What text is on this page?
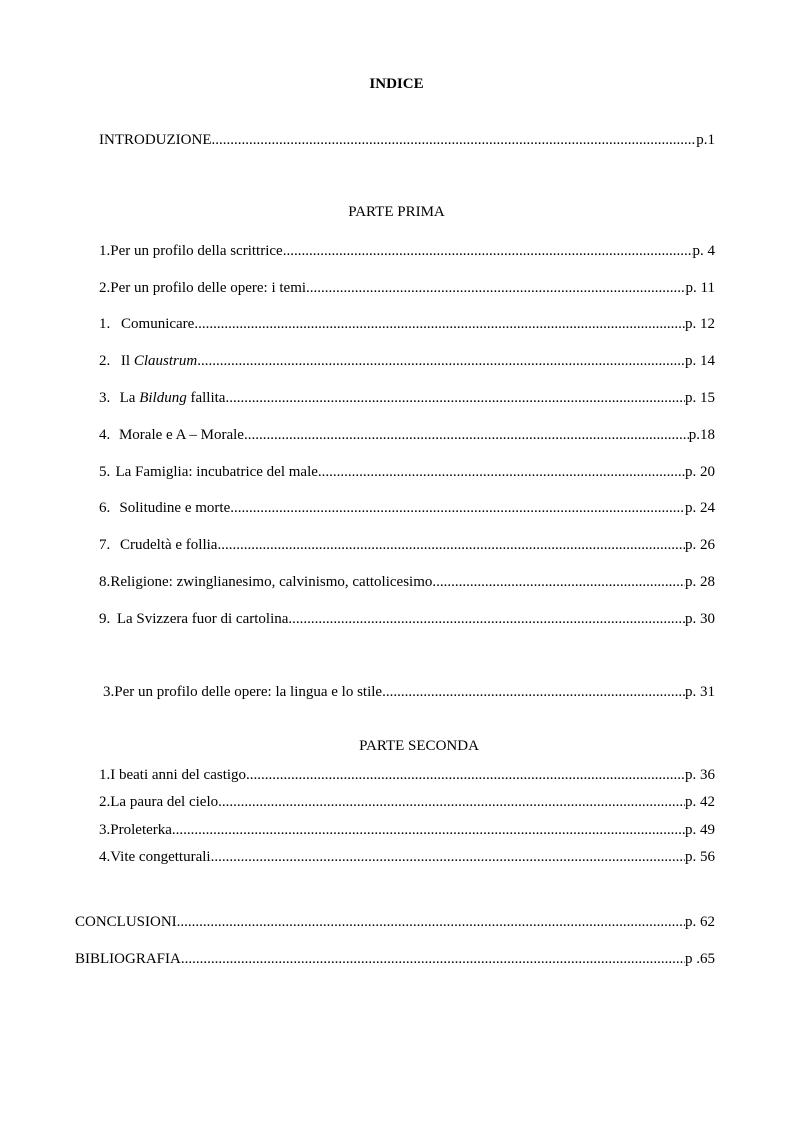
INDICE
INTRODUZIONE .....	p.1
PARTE PRIMA
1. Per un profilo della scrittrice .....	p. 4
2. Per un profilo delle opere: i temi .....	p. 11
1. Comunicare .....	p. 12
2. Il Claustrum .....	p. 14
3. La Bildung fallita .....	p. 15
4. Morale e A – Morale .....	p.18
5. La Famiglia: incubatrice del male .....	p. 20
6. Solitudine e morte .....	p. 24
7. Crudeltà e follia .....	p. 26
8. Religione: zwinglianesimo, calvinismo, cattolicesimo .....	p. 28
9. La Svizzera fuor di cartolina .....	p. 30
3. Per un profilo delle opere: la lingua e lo stile .....	p. 31
PARTE SECONDA
1. I beati anni del castigo .....	p. 36
2. La paura del cielo .....	p. 42
3. Proleterka .....	p. 49
4. Vite congetturali .....	p. 56
CONCLUSIONI .....	p. 62
BIBLIOGRAFIA .....	p .65
